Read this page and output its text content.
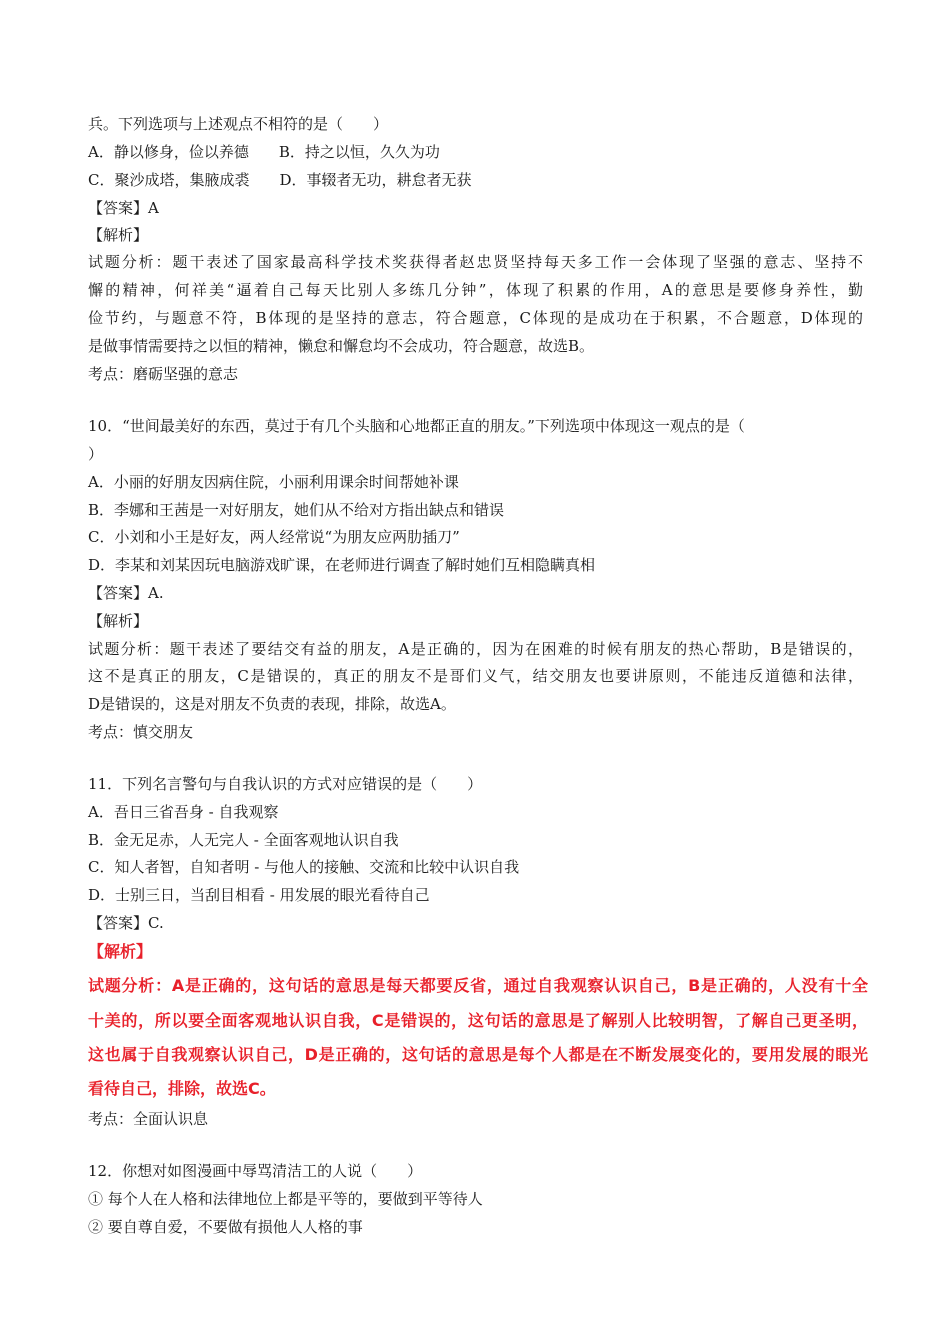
兵。下列选项与上述观点不相符的是（　　）
A．静以修身，俭以养德　　B．持之以恒，久久为功
C．聚沙成塔，集腋成裘　　D．事辍者无功，耕怠者无获
【答案】A
【解析】
试题分析：题干表述了国家最高科学技术奖获得者赵忠贤坚持每天多工作一会体现了坚强的意志、坚持不
懈的精神，何祥美“逼着自己每天比别人多练几分钟”，体现了积累的作用，A的意思是要修身养性，勤
俭节约，与题意不符，B体现的是坚持的意志，符合题意，C体现的是成功在于积累，不合题意，D体现的
是做事情需要持之以恒的精神，懒怠和懈怠均不会成功，符合题意，故选B。
考点：磨砺坚强的意志
10．“世间最美好的东西，莫过于有几个头脑和心地都正直的朋友。”下列选项中体现这一观点的是（
）
A．小丽的好朋友因病住院，小丽利用课余时间帮她补课
B．李娜和王茜是一对好朋友，她们从不给对方指出缺点和错误
C．小刘和小王是好友，两人经常说“为朋友应两肋插刀”
D．李某和刘某因玩电脑游戏旷课，在老师进行调查了解时她们互相隐瞒真相
【答案】A.
【解析】
试题分析：题干表述了要结交有益的朋友，A是正确的，因为在困难的时候有朋友的热心帮助，B是错误的，
这不是真正的朋友，C是错误的，真正的朋友不是哥们义气，结交朋友也要讲原则，不能违反道德和法律，
D是错误的，这是对朋友不负责的表现，排除，故选A。
考点：慎交朋友
11．下列名言警句与自我认识的方式对应错误的是（　　）
A．吾日三省吾身 - 自我观察
B．金无足赤，人无完人 - 全面客观地认识自我
C．知人者智，自知者明 - 与他人的接触、交流和比较中认识自我
D．士别三日，当刮目相看 - 用发展的眼光看待自己
【答案】C.
【解析】
试题分析：A是正确的，这句话的意思是每天都要反省，通过自我观察认识自己，B是正确的，人没有十全
十美的，所以要全面客观地认识自我，C是错误的，这句话的意思是了解别人比较明智，了解自己更圣明，
这也属于自我观察认识自己，D是正确的，这句话的意思是每个人都是在不断发展变化的，要用发展的眼光
看待自己，排除，故选C。
考点：全面认识息
12．你想对如图漫画中辱骂清洁工的人说（　　）
① 每个人在人格和法律地位上都是平等的，要做到平等待人
② 要自尊自爱，不要做有损他人人格的事
